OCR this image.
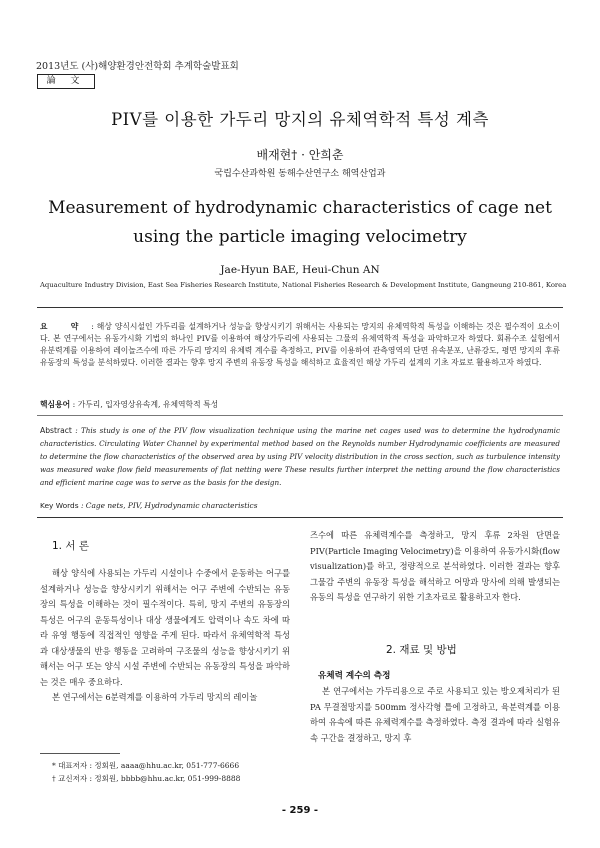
2013년도 (사)해양환경안전학회 추계학술발표회
論 文
PIV를 이용한 가두리 망지의 유체역학적 특성 계측
배재현† · 안희춘
국립수산과학원 동해수산연구소 해역산업과
Measurement of hydrodynamic characteristics of cage net
using the particle imaging velocimetry
Jae-Hyun BAE, Heui-Chun AN
Aquaculture Industry Division, East Sea Fisheries Research Institute, National Fisheries Research & Development Institute, Gangneung 210-861, Korea
요 약 : 해상 양식시설인 가두리를 설계하거나 성능을 향상시키기 위해서는 사용되는 망지의 유체역학적 특성을 이해하는 것은 필수적이 요소이다. 본 연구에서는 유동가시화 기법의 하나인 PIV를 이용하여 해상가두리에 사용되는 그물의 유체역학적 특성을 파악하고자 하였다. 회류수조 실험에서 유분력계를 이용하여 레이놀즈수에 따른 가두리 망지의 유체력 계수를 측정하고, PIV를 이용하여 관측영역의 단면 유속분포, 난류강도, 평면 망지의 후류 유동장의 특성을 분석하였다. 이러한 결과는 향후 망지 주변의 유동장 특성을 해석하고 효율적인 해상 가두리 설계의 기초 자료로 활용하고자 하였다.
핵심용어 : 가두리, 입자영상유속계, 유체역학적 특성
Abstract : This study is one of the PIV flow visualization technique using the marine net cages used was to determine the hydrodynamic characteristics. Circulating Water Channel by experimental method based on the Reynolds number Hydrodynamic coefficients are measured to determine the flow characteristics of the observed area by using PIV velocity distribution in the cross section, such as turbulence intensity was measured wake flow field measurements of flat netting were These results further interpret the netting around the flow characteristics and efficient marine cage was to serve as the basis for the design.
Key Words : Cage nets, PIV, Hydrodynamic characteristics
1. 서 론

해상 양식에 사용되는 가두리 시설이나 수중에서 운동하는 어구를 설계하거나 성능을 향상시키기 위해서는 어구 주변에 수반되는 유동장의 특성을 이해하는 것이 필수적이다. 특히, 망지 주변의 유동장의 특성은 어구의 운동특성이나 대상 생물에게도 압력이나 속도 차에 따라 유영 행동에 직접적인 영향을 주게 된다. 따라서 유체역학적 특성과 대상생물의 반응 행동을 고려하여 구조물의 성능을 향상시키기 위해서는 어구 또는 양식 시설 주변에 수반되는 유동장의 특성을 파악하는 것은 매우 중요하다.

본 연구에서는 6분력계를 이용하여 가두리 망지의 레이놀

* 대표저자 : 정회원, aaaa@hhu.ac.kr, 051-777-6666
† 교신저자 : 정회원, bbbb@hhu.ac.kr, 051-999-8888

즈수에 따른 유체력계수를 측정하고, 망지 후류 2차원 단면을 PIV(Particle Imaging Velocimetry)을 이용하여 유동가시화(flow visualization)를 하고, 정량적으로 분석하였다. 이러한 결과는 향후 그물감 주변의 유동장 특성을 해석하고 어망과 망사에 의해 발생되는 유동의 특성을 연구하기 위한 기초자료로 활용하고자 한다.

2. 재료 및 방법
유체력 계수의 측정

본 연구에서는 가두리용으로 주로 사용되고 있는 방오제처리가 된 PA 무결절망지를 500mm 정사각형 틀에 고정하고, 육분력계를 이용하여 유속에 따른 유체력계수를 측정하였다. 측정 결과에 따라 실험유속 구간을 결정하고, 망지 후

- 259 -
